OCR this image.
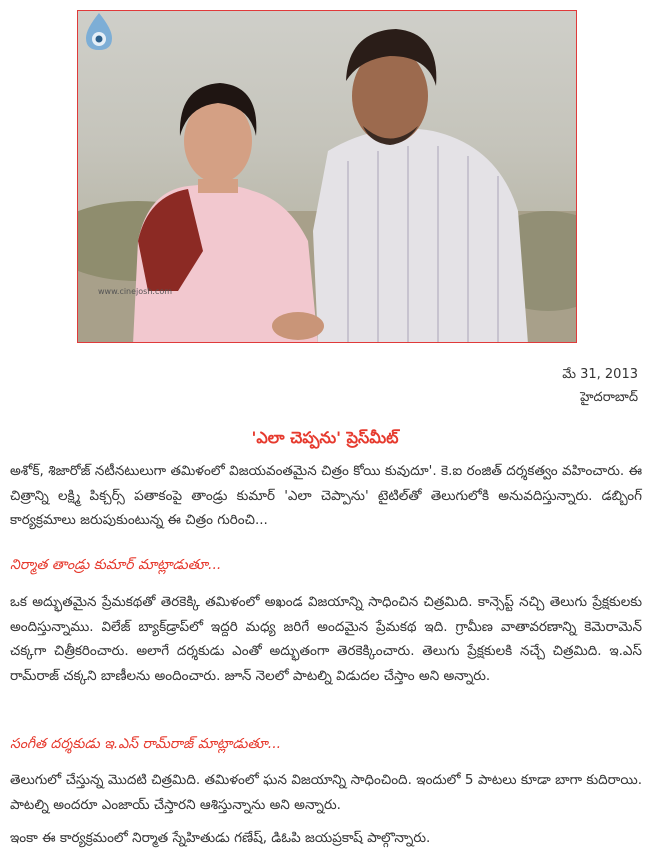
www.cinejosh.com
మే 31, 2013
హైదరాబాద్
'ఎలా చెప్పను' ప్రెస్‌మీట్
అశోక్, శిజారోజ్ నటీనటులుగా తమిళంలో విజయవంతమైన చిత్రం కోయి కువుదూ'. కె.ఐ రంజిత్ దర్శకత్వం వహించారు. ఈ చిత్రాన్ని లక్ష్మి పిక్చర్స్ పతాకంపై తాండ్రు కుమార్ 'ఎలా చెప్పాను' టైటిల్‌తో తెలుగులోకి అనువదిస్తున్నారు. డబ్బింగ్ కార్యక్రమాలు జరుపుకుంటున్న ఈ చిత్రం గురించి...
నిర్మాత తాండ్రు కుమార్ మాట్లాడుతూ...
ఒక అద్భుతమైన ప్రేమకథతో తెరకెక్కి తమిళంలో అఖండ విజయాన్ని సాధించిన చిత్రమిది. కాన్సెప్ట్ నచ్చి తెలుగు ప్రేక్షకులకు అందిస్తున్నాము. విలేజ్ బ్యాక్‌డ్రాప్‌లో ఇద్దరి మధ్య జరిగే అందమైన ప్రేమకథ ఇది. గ్రామీణ వాతావరణాన్ని కెమెరామెన్ చక్కగా చిత్రీకరించారు. అలాగే దర్శకుడు ఎంతో అద్భుతంగా తెరకెక్కించారు. తెలుగు ప్రేక్షకులకి నచ్చే చిత్రమిది. ఇ.ఎస్ రామ్‌రాజ్ చక్కని బాణీలను అందించారు. జూన్ నెలలో పాటల్ని విడుదల చేస్తాం అని అన్నారు.
సంగీత దర్శకుడు ఇ.ఎస్ రామ్‌రాజ్ మాట్లాడుతూ...
తెలుగులో చేస్తున్న మొదటి చిత్రమిది. తమిళంలో ఘన విజయాన్ని సాధించింది. ఇందులో 5 పాటలు కూడా బాగా కుదిరాయి. పాటల్ని అందరూ ఎంజాయ్ చేస్తారని ఆశిస్తున్నాను అని అన్నారు.
ఇంకా ఈ కార్యక్రమంలో నిర్మాత స్నేహితుడు గణేష్, డిఓపి జయప్రకాష్ పాల్గొన్నారు.
